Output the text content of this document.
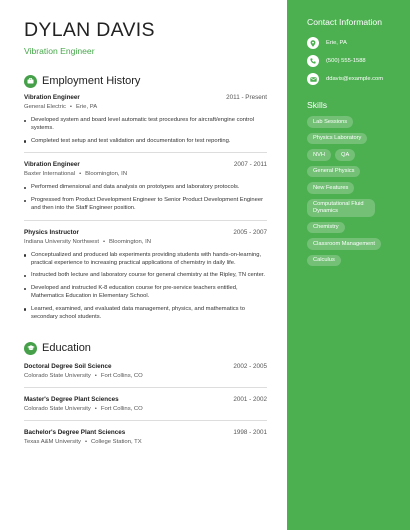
DYLAN DAVIS
Vibration Engineer
Employment History
Vibration Engineer	2011 - Present
General Electric • Erie, PA
Developed system and board level automatic test procedures for aircraft/engine control systems.
Completed test setup and test validation and documentation for test reporting.
Vibration Engineer	2007 - 2011
Baxter International • Bloomington, IN
Performed dimensional and data analysis on prototypes and laboratory protocols.
Progressed from Product Development Engineer to Senior Product Development Engineer and then into the Staff Engineer position.
Physics Instructor	2005 - 2007
Indiana University Northwest • Bloomington, IN
Conceptualized and produced lab experiments providing students with hands-on-learning, practical experience to increasing practical applications of chemistry in daily life.
Instructed both lecture and laboratory course for general chemistry at the Ripley, TN center.
Developed and instructed K-8 education course for pre-service teachers entitled, Mathematics Education in Elementary School.
Learned, examined, and evaluated data management, physics, and mathematics to secondary school students.
Education
Doctoral Degree Soil Science	2002 - 2005
Colorado State University • Fort Collins, CO
Master's Degree Plant Sciences	2001 - 2002
Colorado State University • Fort Collins, CO
Bachelor's Degree Plant Sciences	1998 - 2001
Texas A&M University • College Station, TX
Contact Information
Erie, PA
(500) 555-1588
ddavis@example.com
Skills
Lab Sessions
Physics Laboratory
NVH	QA
General Physics
New Features
Computational Fluid Dynamics
Chemistry
Classroom Management
Calculus
